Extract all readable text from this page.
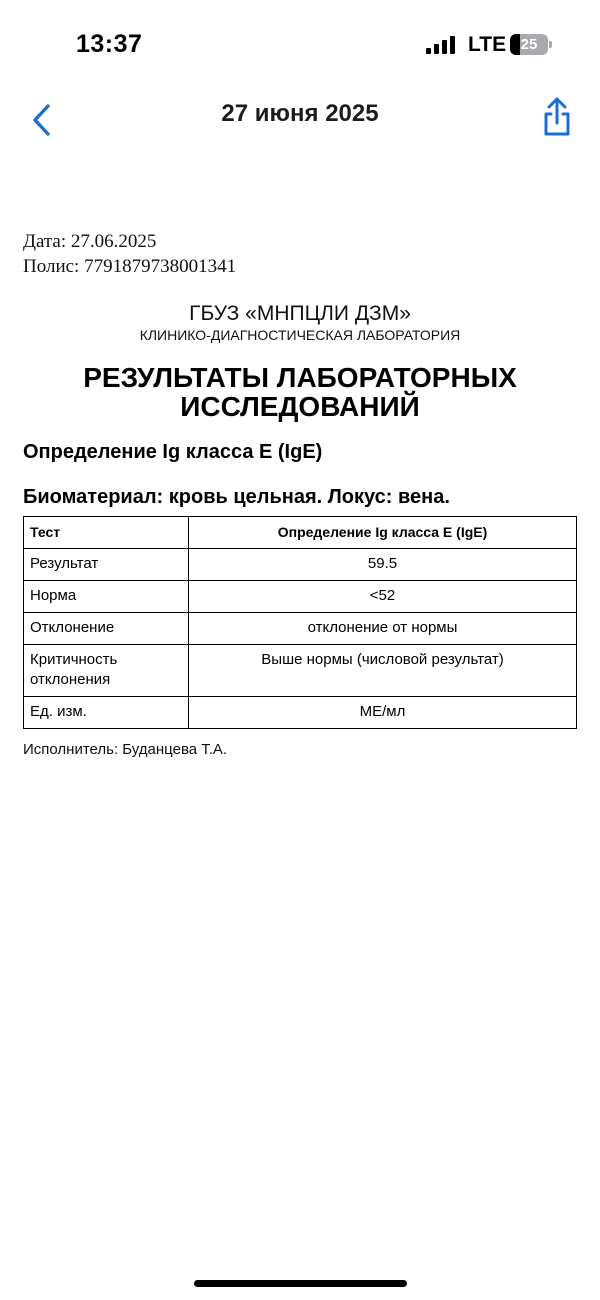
13:37	LTE 25
27 июня 2025
Дата: 27.06.2025
Полис: 7791879738001341
ГБУЗ «МНПЦЛИ ДЗМ»
КЛИНИКО-ДИАГНОСТИЧЕСКАЯ ЛАБОРАТОРИЯ
РЕЗУЛЬТАТЫ ЛАБОРАТОРНЫХ
ИССЛЕДОВАНИЙ
Определение Ig класса E (IgE)
Биоматериал: кровь цельная. Локус: вена.
Тест	Определение Ig класса E (IgE)
Результат	59.5
Норма	<52
Отклонение	отклонение от нормы
Критичность отклонения	Выше нормы (числовой результат)
Ед. изм.	МЕ/мл
Исполнитель: Буданцева Т.А.
